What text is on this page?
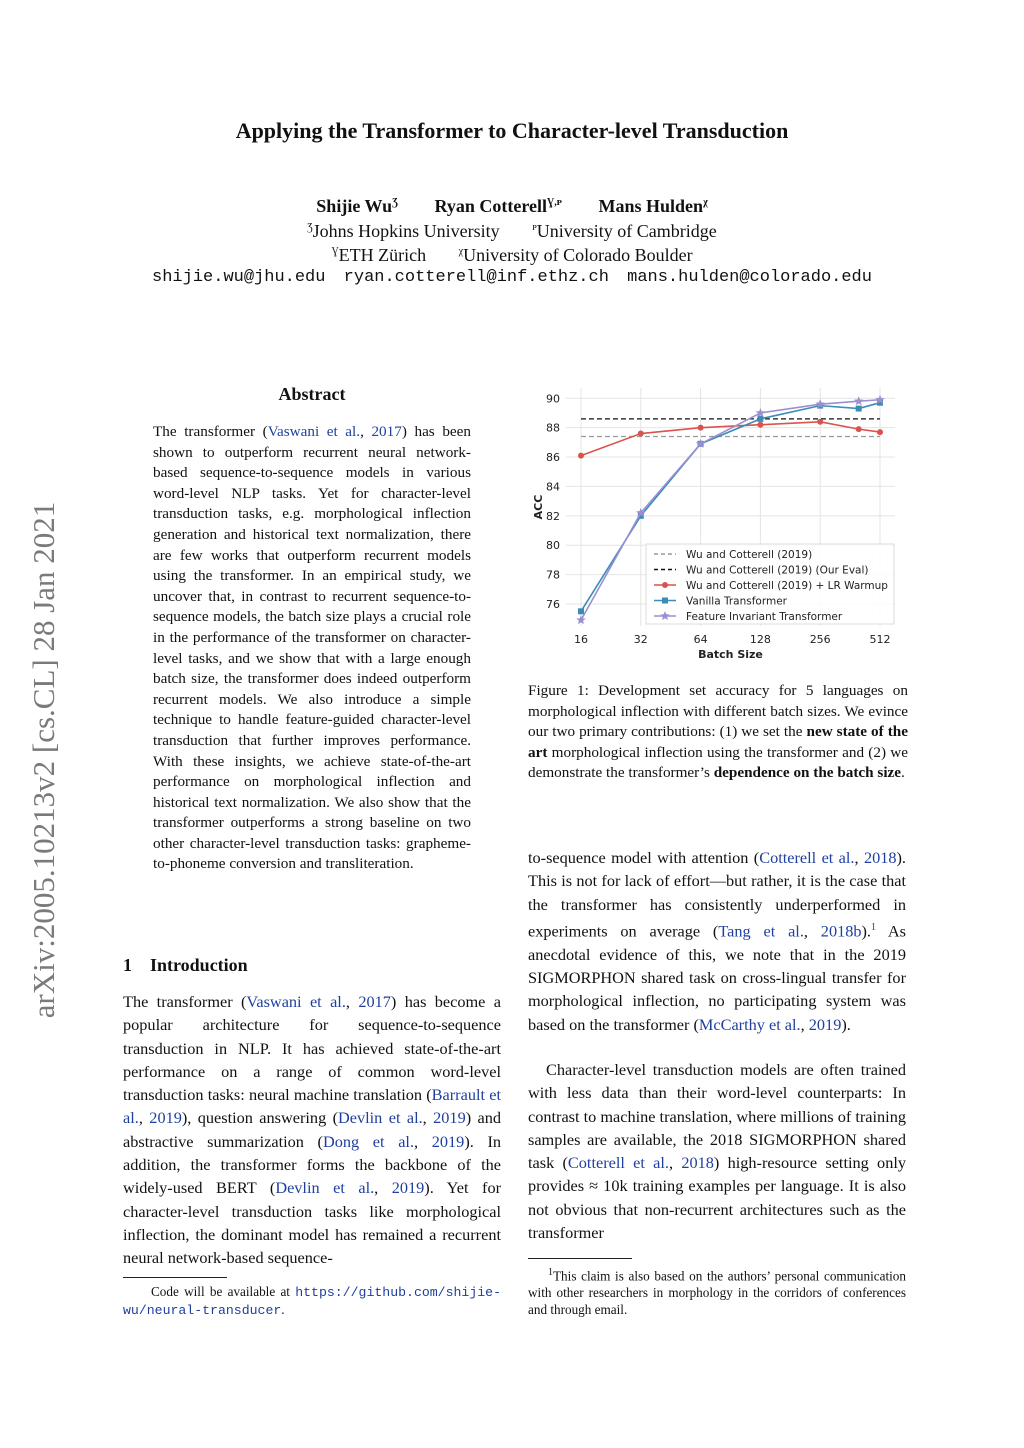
arXiv:2005.10213v2 [cs.CL] 28 Jan 2021
Applying the Transformer to Character-level Transduction
Shijie $Wu^Ʒ$ Ryan Cotterell$^{Ɣ,ᴩ}$ Mans Hulden$^\chi$
$^Ʒ$Johns Hopkins University	$^ᴩ$University of Cambridge
$^Ɣ$ETH Zürich	$^\chi$University of Colorado Boulder
shijie.wu@jhu.edu ryan.cotterell@inf.ethz.ch mans.hulden@colorado.edu
Abstract
The transformer (Vaswani et al., 2017) has been shown to outperform recurrent neural network-based sequence-to-sequence models in various word-level NLP tasks. Yet for character-level transduction tasks, e.g. morphological inflection generation and historical text normalization, there are few works that outperform recurrent models using the transformer. In an empirical study, we uncover that, in contrast to recurrent sequence-to-sequence models, the batch size plays a crucial role in the performance of the transformer on character-level tasks, and we show that with a large enough batch size, the transformer does indeed outperform recurrent models. We also introduce a simple technique to handle feature-guided character-level transduction that further improves performance. With these insights, we achieve state-of-the-art performance on morphological inflection and historical text normalization. We also show that the transformer outperforms a strong baseline on two other character-level transduction tasks: grapheme-to-phoneme conversion and transliteration.
1 Introduction
The transformer (Vaswani et al., 2017) has become a popular architecture for sequence-to-sequence transduction in NLP. It has achieved state-of-the-art performance on a range of common word-level transduction tasks: neural machine translation (Barrault et al., 2019), question answering (Devlin et al., 2019) and abstractive summarization (Dong et al., 2019). In addition, the transformer forms the backbone of the widely-used BERT (Devlin et al., 2019). Yet for character-level transduction tasks like morphological inflection, the dominant model has remained a recurrent neural network-based sequence-
Code will be available at https://github.com/shijie-wu/neural-transducer.
76
78
80
82
84
86
88
90
16	32	64	128	256	512
Batch Size
ACC
Wu and Cotterell (2019)
Wu and Cotterell (2019) (Our Eval)
Wu and Cotterell (2019) + LR Warmup
Vanilla Transformer
Feature Invariant Transformer
Figure 1: Development set accuracy for 5 languages on morphological inflection with different batch sizes. We evince our two primary contributions: (1) we set the new state of the art morphological inflection using the transformer and (2) we demonstrate the transformer’s dependence on the batch size.
to-sequence model with attention (Cotterell et al., 2018). This is not for lack of effort—but rather, it is the case that the transformer has consistently underperformed in experiments on average (Tang et al., 2018b).$^1$ As anecdotal evidence of this, we note that in the 2019 SIGMORPHON shared task on cross-lingual transfer for morphological inflection, no participating system was based on the transformer (McCarthy et al., 2019).
Character-level transduction models are often trained with less data than their word-level counterparts: In contrast to machine translation, where millions of training samples are available, the 2018 SIGMORPHON shared task (Cotterell et al., 2018) high-resource setting only provides ≈ 10k training examples per language. It is also not obvious that non-recurrent architectures such as the transformer
$^1$This claim is also based on the authors’ personal communication with other researchers in morphology in the corridors of conferences and through email.
